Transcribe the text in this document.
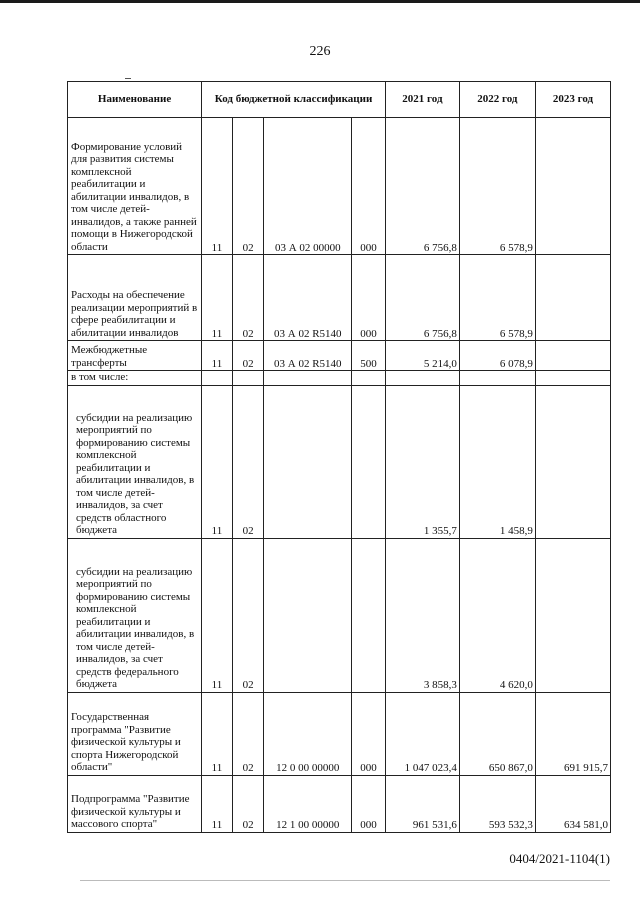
226
Наименование	Код бюджетной классификации				2021 год	2022 год	2023 год
Формирование условий для развития системы комплексной реабилитации и абилитации инвалидов, в том числе детей-инвалидов, а также ранней помощи в Нижегородской области	11	02	03 А 02 00000	000	6 756,8	6 578,9	
Расходы на обеспечение реализации мероприятий в сфере реабилитации и абилитации инвалидов	11	02	03 А 02 R5140	000	6 756,8	6 578,9	
Межбюджетные трансферты	11	02	03 А 02 R5140	500	5 214,0	6 078,9	
в том числе:							
субсидии на реализацию мероприятий по формированию системы комплексной реабилитации и абилитации инвалидов, в том числе детей-инвалидов, за счет средств областного бюджета	11	02			1 355,7	1 458,9	
субсидии на реализацию мероприятий по формированию системы комплексной реабилитации и абилитации инвалидов, в том числе детей-инвалидов, за счет средств федерального бюджета	11	02			3 858,3	4 620,0	
Государственная программа "Развитие физической культуры и спорта Нижегородской области"	11	02	12 0 00 00000	000	1 047 023,4	650 867,0	691 915,7
Подпрограмма "Развитие физической культуры и массового спорта"	11	02	12 1 00 00000	000	961 531,6	593 532,3	634 581,0
0404/2021-1104(1)
